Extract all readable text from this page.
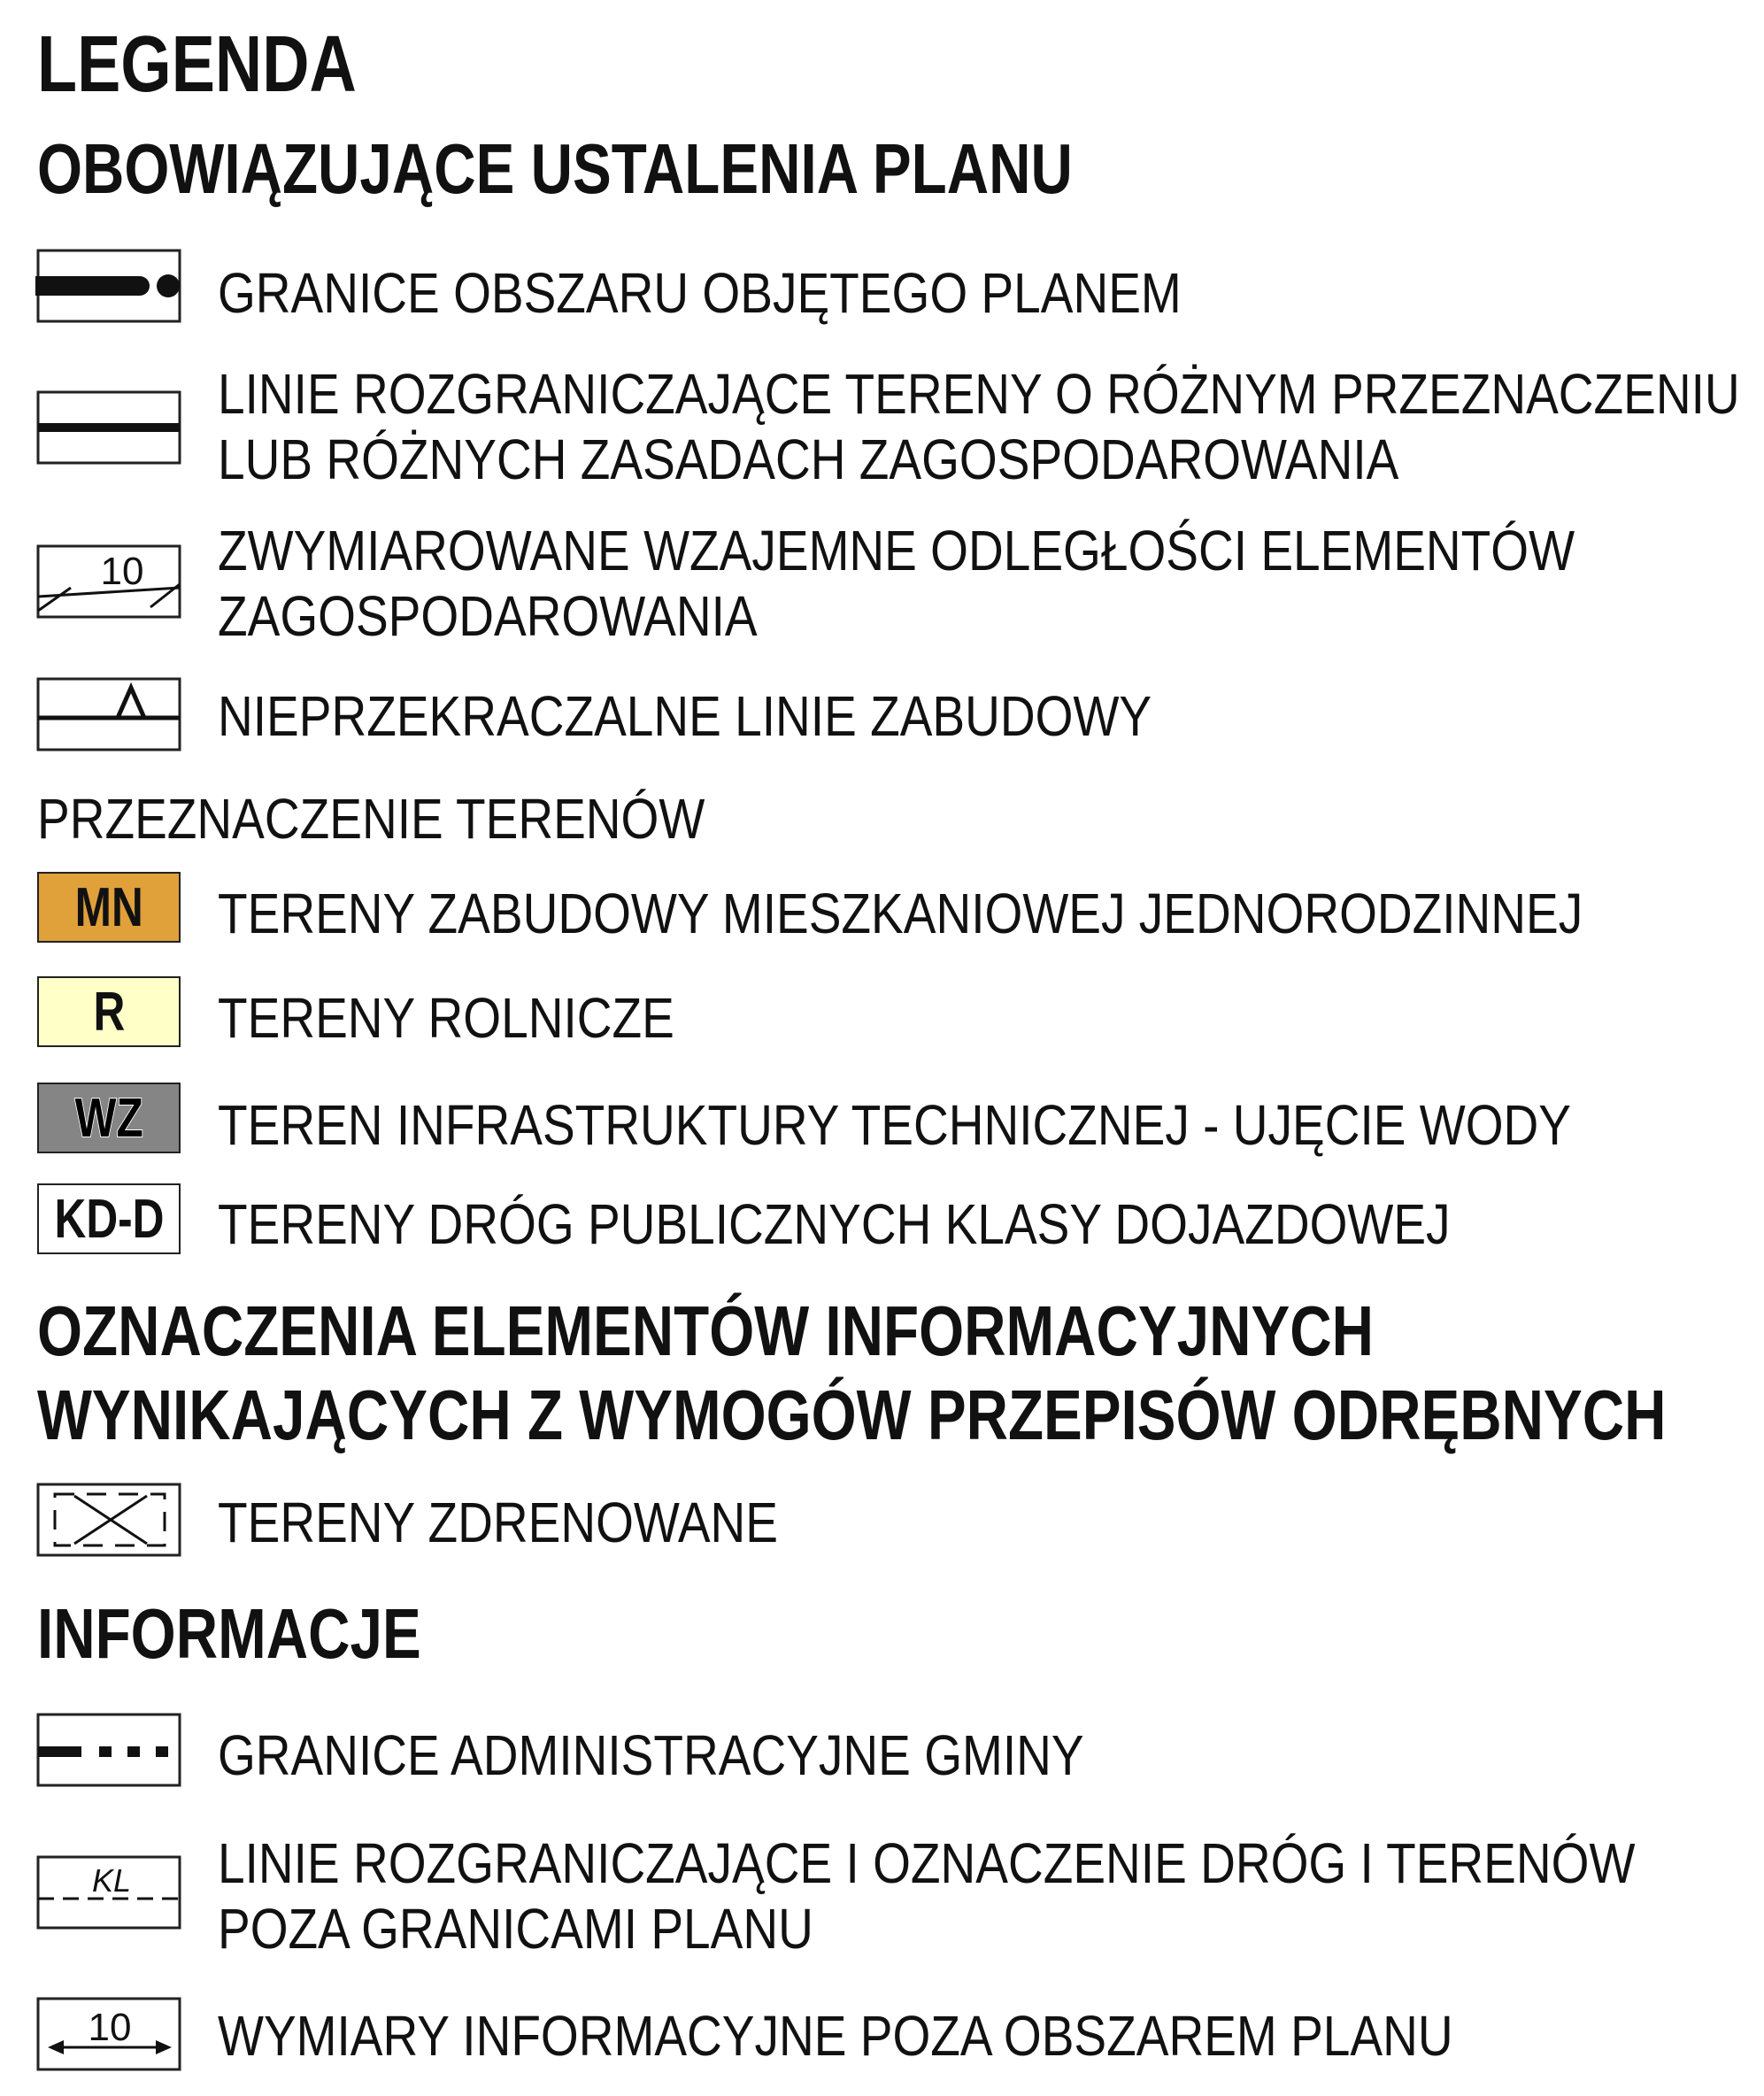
LEGENDA
OBOWIĄZUJĄCE USTALENIA PLANU
GRANICE OBSZARU OBJĘTEGO PLANEM
LINIE ROZGRANICZAJĄCE TERENY O RÓŻNYM PRZEZNACZENIU
LUB RÓŻNYCH ZASADACH ZAGOSPODAROWANIA
10 ZWYMIAROWANE WZAJEMNE ODLEGŁOŚCI ELEMENTÓW
ZAGOSPODAROWANIA
NIEPRZEKRACZALNE LINIE ZABUDOWY
PRZEZNACZENIE TERENÓW
MN TERENY ZABUDOWY MIESZKANIOWEJ JEDNORODZINNEJ
R TERENY ROLNICZE
WZ TEREN INFRASTRUKTURY TECHNICZNEJ - UJĘCIE WODY
KD-D TERENY DRÓG PUBLICZNYCH KLASY DOJAZDOWEJ
OZNACZENIA ELEMENTÓW INFORMACYJNYCH
WYNIKAJĄCYCH Z WYMOGÓW PRZEPISÓW ODRĘBNYCH
TERENY ZDRENOWANE
INFORMACJE
GRANICE ADMINISTRACYJNE GMINY
KL LINIE ROZGRANICZAJĄCE I OZNACZENIE DRÓG I TERENÓW
POZA GRANICAMI PLANU
10 WYMIARY INFORMACYJNE POZA OBSZAREM PLANU
